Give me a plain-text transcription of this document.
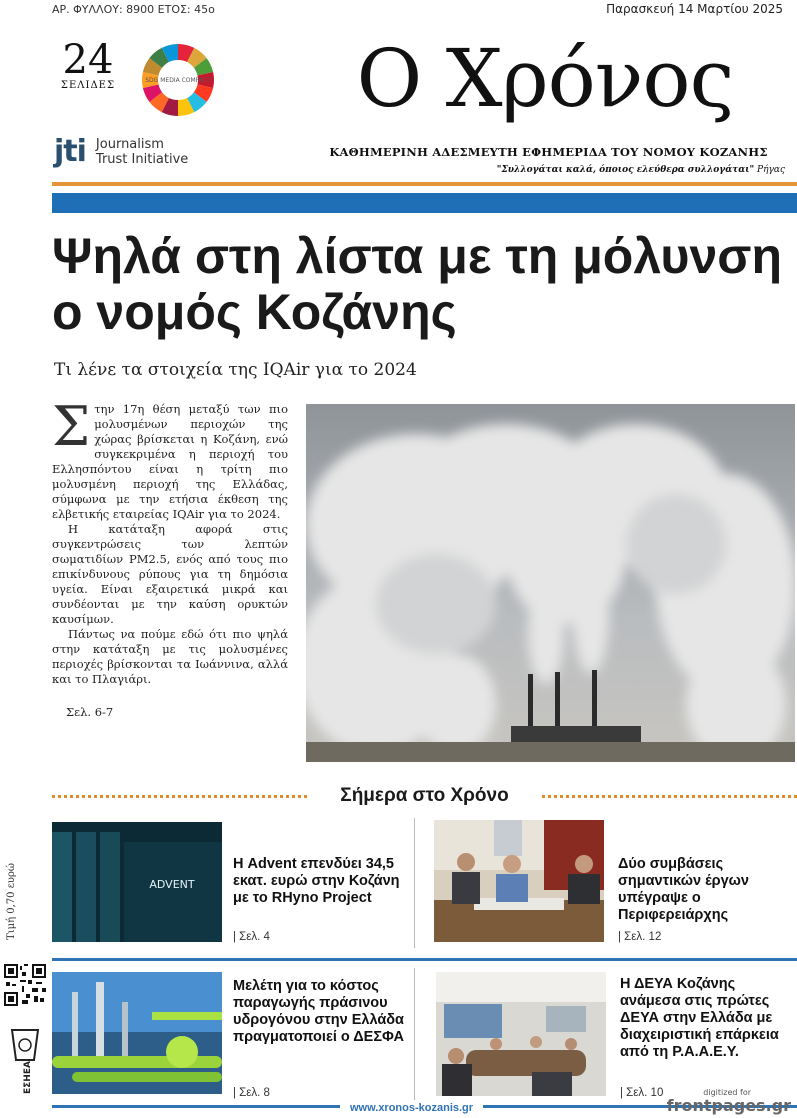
ΑΡ. ΦΥΛΛΟΥ: 8900 ΕΤΟΣ: 45ο	Παρασκευή 14 Μαρτίου 2025
24
ΣΕΛΙΔΕΣ	SDG MEDIA COMPACT
jti Journalism
Trust Initiative
Ο Χρόνος
ΚΑΘΗΜΕΡΙΝΗ ΑΔΕΣΜΕΥΤΗ ΕΦΗΜΕΡΙΔΑ ΤΟΥ ΝΟΜΟΥ ΚΟΖΑΝΗΣ
"Συλλογάται καλά, όποιος ελεύθερα συλλογάται" Ρήγας
Ψηλά στη λίστα με τη μόλυνση ο νομός Κοζάνης
Τι λένε τα στοιχεία της IQAir για το 2024
Σ την 17η θέση μεταξύ των πιο μολυσμένων περιοχών της χώρας βρίσκεται η Κοζάνη, ενώ συγκεκριμένα η περιοχή του Ελλησπόντου είναι η τρίτη πιο μολυσμένη περιοχή της Ελλάδας, σύμφωνα με την ετήσια έκθεση της ελβετικής εταιρείας IQAir για το 2024.

Η κατάταξη αφορά στις συγκεντρώσεις των λεπτών σωματιδίων PM2.5, ενός από τους πιο επικίνδυνους ρύπους για τη δημόσια υγεία. Είναι εξαιρετικά μικρά και συνδέονται με την καύση ορυκτών καυσίμων.

Πάντως να πούμε εδώ ότι πιο ψηλά στην κατάταξη με τις μολυσμένες περιοχές βρίσκονται τα Ιωάννινα, αλλά και το Πλαγιάρι.

Σελ. 6-7
Σήμερα στο Χρόνο
ADVENT
Η Advent επενδύει 34,5 εκατ. ευρώ στην Κοζάνη με το RHyno Project
| Σελ. 4
Δύο συμβάσεις σημαντικών έργων υπέγραψε ο Περιφερειάρχης
| Σελ. 12
Μελέτη για το κόστος παραγωγής πράσινου υδρογόνου στην Ελλάδα πραγματοποιεί ο ΔΕΣΦΑ
| Σελ. 8
Η ΔΕΥΑ Κοζάνης ανάμεσα στις πρώτες ΔΕΥΑ στην Ελλάδα με διαχειριστική επάρκεια από τη Ρ.Α.Α.Ε.Υ.
| Σελ. 10
Τιμή 0,70 ευρώ
ΕΣΗΕΑ
www.xronos-kozanis.gr
digitized for
frontpages.gr
